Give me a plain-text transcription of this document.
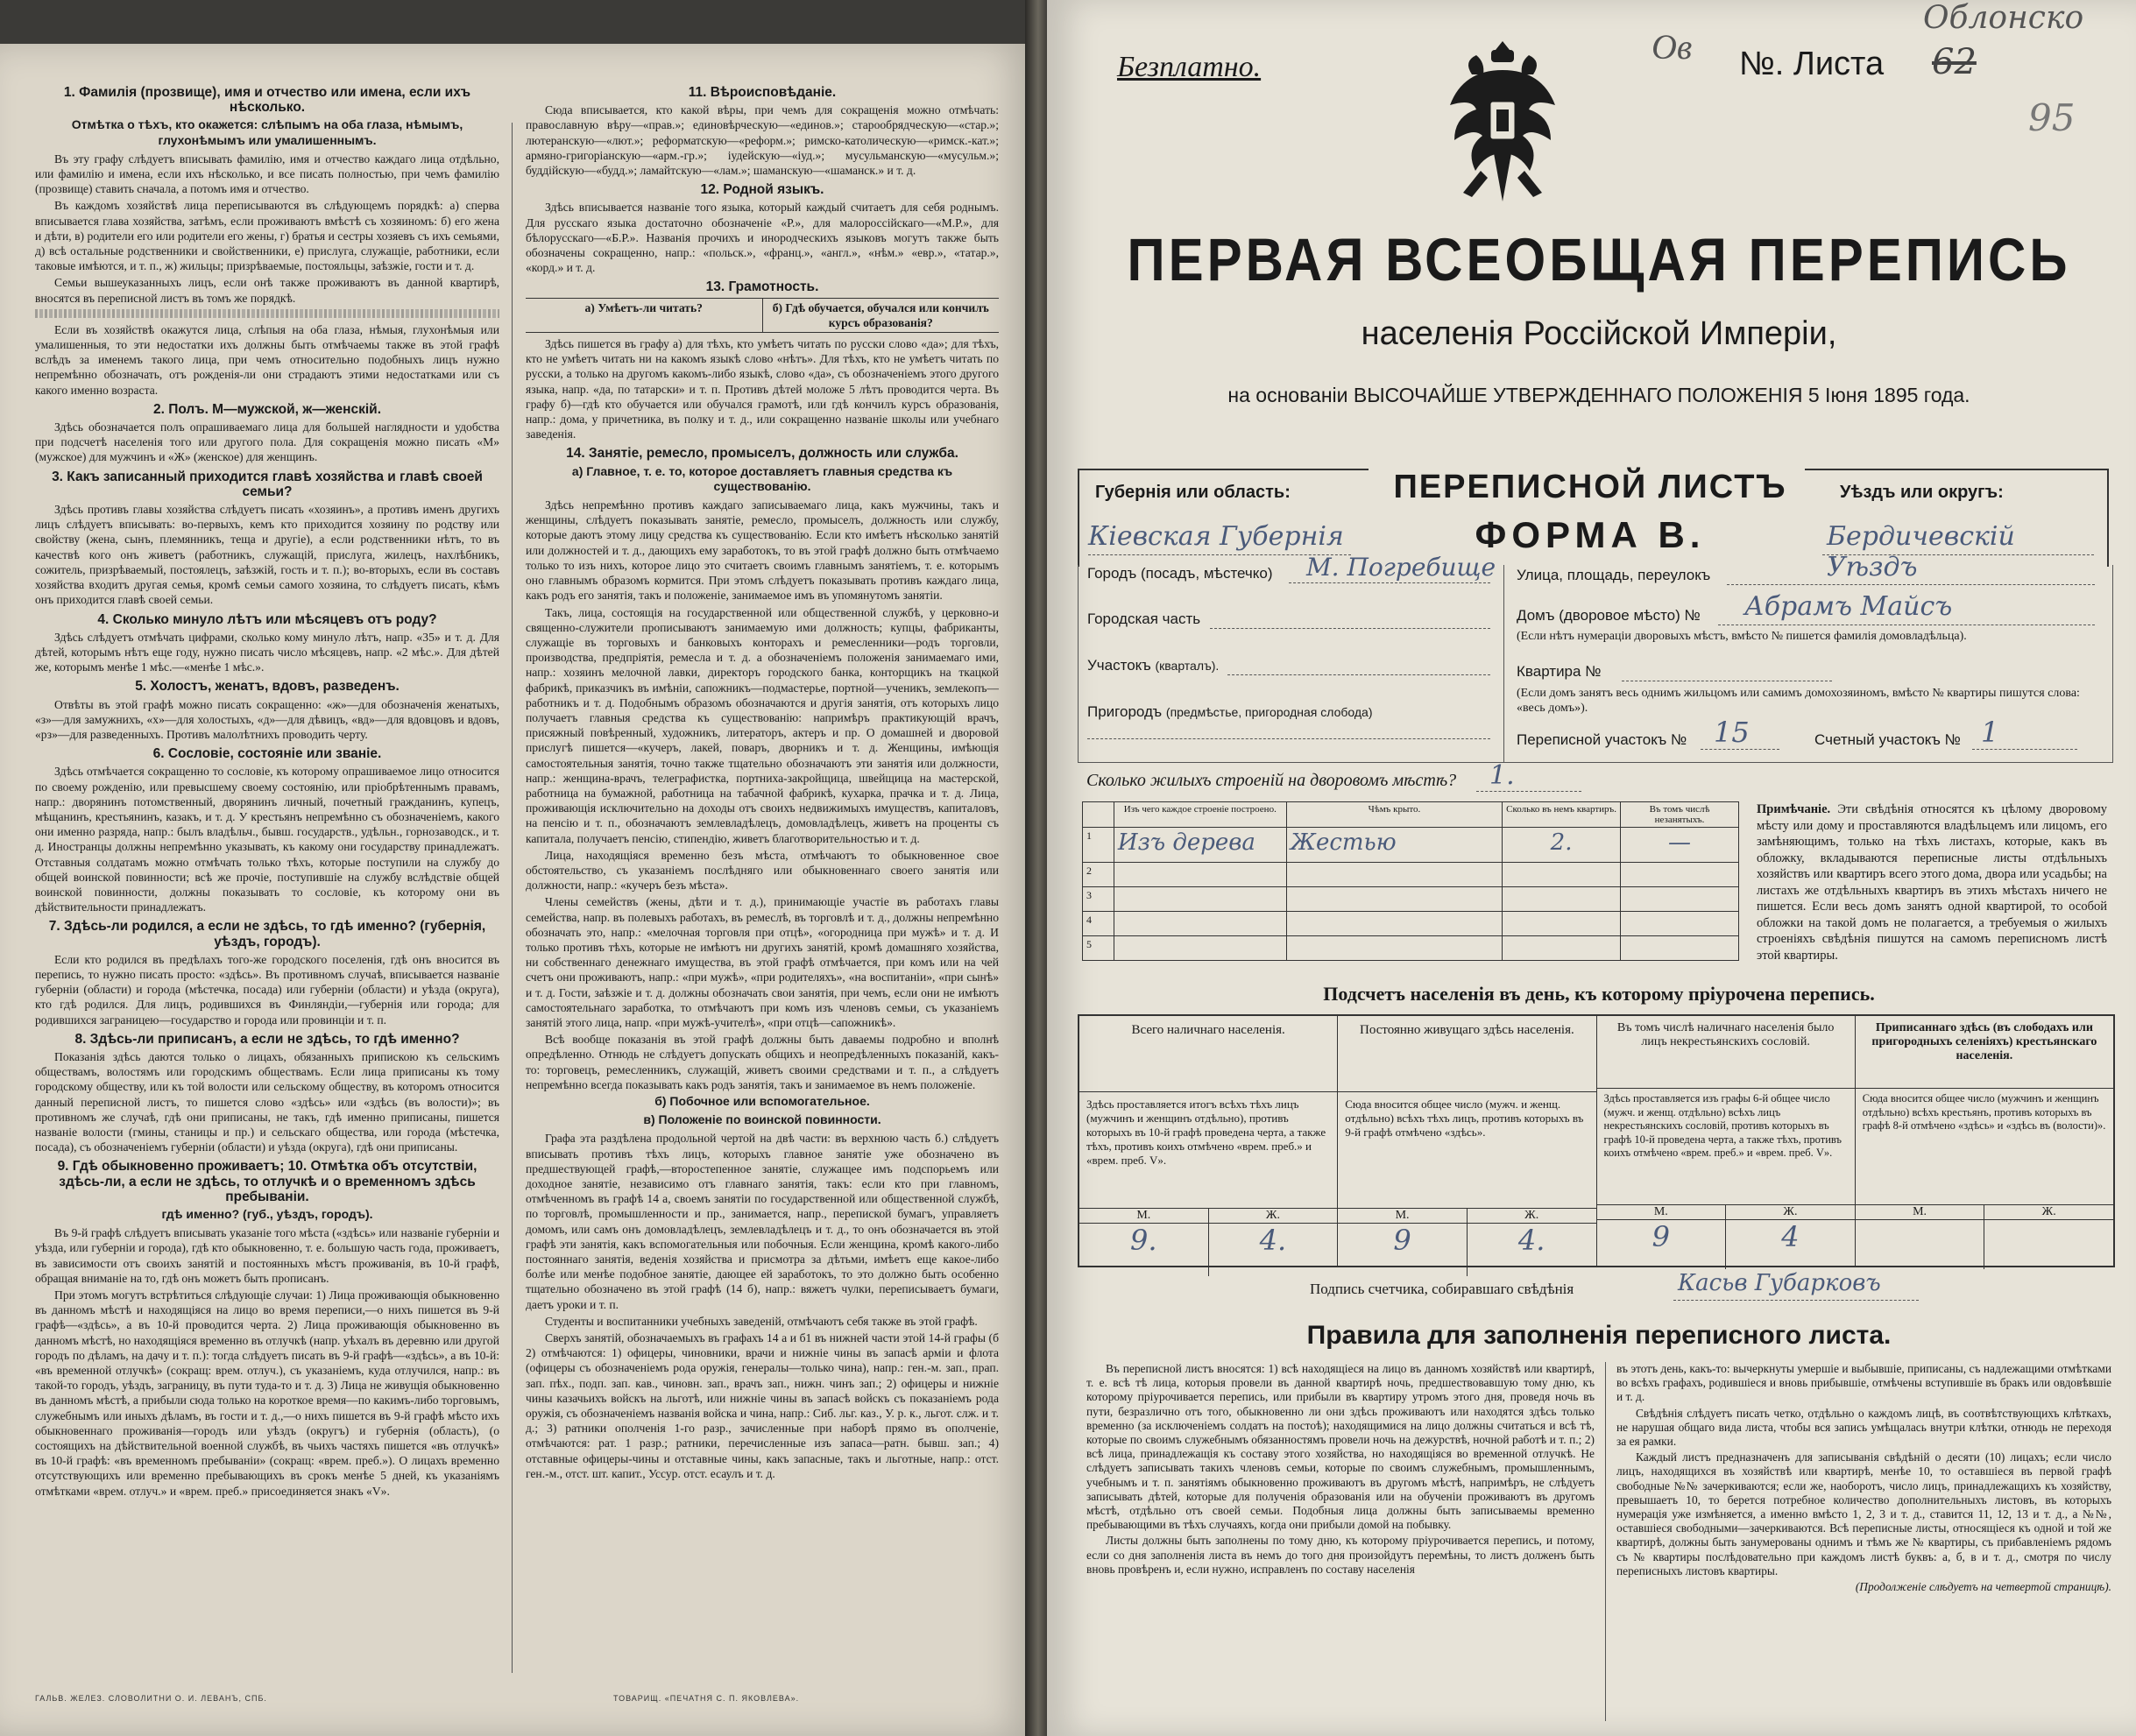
1. Фамилія (прозвище), имя и отчество или имена, если ихъ нѣсколько.
Отмѣтка о тѣхъ, кто окажется: слѣпымъ на оба глаза, нѣмымъ, глухонѣмымъ или умалишеннымъ.

Въ эту графу слѣдуетъ вписывать фамилію, имя и отчество каждаго лица отдѣльно, или фамилію и имена, если ихъ нѣсколько, и все писать полностью, при чемъ фамилію (прозвище) ставить сначала, а потомъ имя и отчество.

Въ каждомъ хозяйствѣ лица переписываются въ слѣдующемъ порядкѣ: а) сперва вписывается глава хозяйства, затѣмъ, если проживаютъ вмѣстѣ съ хозяиномъ: б) его жена и дѣти, в) родители его или родители его жены, г) братья и сестры хозяевъ съ ихъ семьями, д) всѣ остальные родственники и свойственники, е) прислуга, служащіе, работники, если таковые имѣются, и т. п., ж) жильцы; призрѣваемые, постояльцы, заѣзжіе, гости и т. д.

Семьи вышеуказанныхъ лицъ, если онѣ также проживаютъ въ данной квартирѣ, вносятся въ переписной листъ въ томъ же порядкѣ.

Если въ хозяйствѣ окажутся лица, слѣпыя на оба глаза, нѣмыя, глухонѣмыя или умалишенныя, то эти недостатки ихъ должны быть отмѣчаемы также въ этой графѣ вслѣдъ за именемъ такого лица, при чемъ относительно подобныхъ лицъ нужно непремѣнно обозначать, отъ рожденія-ли они страдаютъ этими недостатками или съ какого именно возраста.

2. Полъ. М—мужской, ж—женскій.

Здѣсь обозначается полъ опрашиваемаго лица для большей наглядности и удобства при подсчетѣ населенія того или другого пола. Для сокращенія можно писать «М» (мужское) для мужчинъ и «Ж» (женское) для женщинъ.

3. Какъ записанный приходится главѣ хозяйства и главѣ своей семьи?

Здѣсь противъ главы хозяйства слѣдуетъ писать «хозяинъ», а противъ именъ другихъ лицъ слѣдуетъ вписывать: во-первыхъ, кемъ кто приходится хозяину по родству или свойству (жена, сынъ, племянникъ, теща и другіе), а если родственники нѣтъ, то въ качествѣ кого онъ живетъ (работникъ, служащій, прислуга, жилецъ, нахлѣбникъ, сожитель, призрѣваемый, постоялецъ, заѣзжій, гость и т. п.); во-вторыхъ, если въ составъ хозяйства входитъ другая семья, кромѣ семьи самого хозяина, то слѣдуетъ писать, кѣмъ онъ приходится главѣ своей семьи.

4. Сколько минуло лѣтъ или мѣсяцевъ отъ роду?

Здѣсь слѣдуетъ отмѣчать цифрами, сколько кому минуло лѣтъ, напр. «35» и т. д. Для дѣтей, которымъ нѣтъ еще году, нужно писать число мѣсяцевъ, напр. «2 мѣс.». Для дѣтей же, которымъ менѣе 1 мѣс.—«менѣе 1 мѣс.».

5. Холостъ, женатъ, вдовъ, разведенъ.

Отвѣты въ этой графѣ можно писать сокращенно: «ж»—для обозначенія женатыхъ, «з»—для замужнихъ, «х»—для холостыхъ, «д»—для дѣвицъ, «вд»—для вдовцовъ и вдовъ, «рз»—для разведенныхъ. Противъ малолѣтнихъ проводить черту.

6. Сословіе, состояніе или званіе.

Здѣсь отмѣчается сокращенно то сословіе, къ которому опрашиваемое лицо относится по своему рожденію, или превысшему своему состоянію, или пріобрѣтеннымъ правамъ, напр.: дворянинъ потомственный, дворянинъ личный, почетный гражданинъ, купецъ, мѣщанинъ, крестьянинъ, казакъ, и т. д. У крестьянъ непремѣнно съ обозначеніемъ, какого они именно разряда, напр.: былъ владѣльч., бывш. государств., удѣльн., горнозаводск., и т. д. Иностранцы должны непремѣнно указывать, къ какому они государству принадлежатъ. Отставныя солдатамъ можно отмѣчать только тѣхъ, которые поступили на службу до общей воинской повинности; всѣ же прочіе, поступившіе на службу вслѣдствіе общей воинской повинности, должны показывать то сословіе, къ которому они въ дѣйствительности принадлежатъ.

7. Здѣсь-ли родился, а если не здѣсь, то гдѣ именно? (губернія, уѣздъ, городъ).

Если кто родился въ предѣлахъ того-же городского поселенія, гдѣ онъ вносится въ перепись, то нужно писать просто: «здѣсь». Въ противномъ случаѣ, вписывается названіе губерніи (области) и города (мѣстечка, посада) или губерніи (области) и уѣзда (округа), кто гдѣ родился. Для лицъ, родившихся въ Финляндіи,—губернія или города; для родившихся заграницею—государство и города или провинціи и т. п.

8. Здѣсь-ли приписанъ, а если не здѣсь, то гдѣ именно?

Показанія здѣсь даются только о лицахъ, обязанныхъ припискою къ сельскимъ обществамъ, волостямъ или городскимъ обществамъ. Если лица приписаны къ тому городскому обществу, или къ той волости или сельскому обществу, въ которомъ относится данный переписной листъ, то пишется слово «здѣсь» или «здѣсь (въ волости)»; въ противномъ же случаѣ, гдѣ они приписаны, не такъ, гдѣ именно приписаны, пишется названіе волости (гмины, станицы и пр.) и сельскаго общества, или города (мѣстечка, посада), съ обозначеніемъ губерніи (области) и уѣзда (округа), гдѣ они приписаны.

9. Гдѣ обыкновенно проживаетъ; 10. Отмѣтка объ отсутствіи, здѣсь-ли, а если не здѣсь, то отлучкѣ и о временномъ здѣсь пребываніи.
гдѣ именно? (губ., уѣздъ, городъ).

Въ 9-й графѣ слѣдуетъ вписывать указаніе того мѣста («здѣсь» или названіе губерніи и уѣзда, или губерніи и города), гдѣ кто обыкновенно, т. е. большую часть года, проживаетъ, въ зависимости отъ своихъ занятій и постоянныхъ мѣстъ проживанія, въ 10-й графѣ, обращая вниманіе на то, гдѣ онъ можетъ быть прописанъ.

При этомъ могутъ встрѣтиться слѣдующіе случаи: 1) Лица проживающія обыкновенно въ данномъ мѣстѣ и находящіяся на лицо во время переписи,—о нихъ пишется въ 9-й графѣ—«здѣсь», а въ 10-й проводится черта. 2) Лица проживающія обыкновенно въ данномъ мѣстѣ, но находящіяся временно въ отлучкѣ (напр. уѣхалъ въ деревню или другой городъ по дѣламъ, на дачу и т. п.): тогда слѣдуетъ писать въ 9-й графѣ—«здѣсь», а въ 10-й: «въ временной отлучкѣ» (сокращ: врем. отлуч.), съ указаніемъ, куда отлучился, напр.: въ такой-то городъ, уѣздъ, заграницу, въ пути туда-то и т. д. 3) Лица не живущія обыкновенно въ данномъ мѣстѣ, а прибыли сюда только на короткое время—по какимъ-либо торговымъ, служебнымъ или иныхъ дѣламъ, въ гости и т. д.,—о нихъ пишется въ 9-й графѣ мѣсто ихъ обыкновеннаго проживанія—городъ или уѣздъ (округъ) и губернія (область), (о состоящихъ на дѣйствительной военной службѣ, въ чьихъ частяхъ пишется «въ отлучкѣ» въ 10-й графѣ: «въ временномъ пребываніи» (сокращ: «врем. преб.»). О лицахъ временно отсутствующихъ или временно пребывающихъ въ срокъ менѣе 5 дней, къ указаніямъ отмѣтками «врем. отлуч.» и «врем. преб.» присоединяется знакъ «V».

ГАЛЬВ. ЖЕЛЕЗ. СЛОВОЛИТНИ О. И. ЛЕВАНЪ, СПБ.
11. Вѣроисповѣданіе.

Сюда вписывается, кто какой вѣры, при чемъ для сокращенія можно отмѣчать: православную вѣру—«прав.»; единовѣрческую—«единов.»; старообрядческую—«стар.»; лютеранскую—«лют.»; реформатскую—«реформ.»; римско-католическую—«римск.-кат.»; армяно-григоріанскую—«арм.-гр.»; іудейскую—«іуд.»; мусульманскую—«мусульм.»; буддійскую—«будд.»; ламайтскую—«лам.»; шаманскую—«шаманск.» и т. д.

12. Родной языкъ.

Здѣсь вписывается названіе того языка, который каждый считаетъ для себя роднымъ. Для русскаго языка достаточно обозначеніе «Р.», для малороссійскаго—«М.Р.», для бѣлорусскаго—«Б.Р.». Названія прочихъ и инородческихъ языковъ могутъ также быть обозначены сокращенно, напр.: «польск.», «франц.», «англ.», «нѣм.» «евр.», «татар.», «корд.» и т. д.

13. Грамотность.
а) Умѣетъ-ли читать?	б) Гдѣ обучается, обучался или кончилъ курсъ образованія?

Здѣсь пишется въ графу а) для тѣхъ, кто умѣетъ читать по русски слово «да»; для тѣхъ, кто не умѣетъ читать ни на какомъ языкѣ слово «нѣтъ». Для тѣхъ, кто не умѣетъ читать по русски, а только на другомъ какомъ-либо языкѣ, слово «да», съ обозначеніемъ этого другого языка, напр. «да, по татарски» и т. п. Противъ дѣтей моложе 5 лѣтъ проводится черта. Въ графу б)—гдѣ кто обучается или обучался грамотѣ, или гдѣ кончилъ курсъ образованія, напр.: дома, у причетника, въ полку и т. д., или сокращенно названіе школы или учебнаго заведенія.

14. Занятіе, ремесло, промыселъ, должность или служба.
а) Главное, т. е. то, которое доставляетъ главныя средства къ существованію.

Здѣсь непремѣнно противъ каждаго записываемаго лица, какъ мужчины, такъ и женщины, слѣдуетъ показывать занятіе, ремесло, промыселъ, должность или службу, которые даютъ этому лицу средства къ существованію. Если кто имѣетъ нѣсколько занятій или должностей и т. д., дающихъ ему заработокъ, то въ этой графѣ должно быть отмѣчаемо только то изъ нихъ, которое лицо это считаетъ своимъ главнымъ занятіемъ, т. е. которымъ оно главнымъ образомъ кормится. При этомъ слѣдуетъ показывать противъ каждаго лица, какъ родъ его занятія, такъ и положеніе, занимаемое имъ въ упомянутомъ занятіи.

Такъ, лица, состоящія на государственной или общественной службѣ, у церковно-и священно-служители прописываютъ занимаемую ими должность; купцы, фабриканты, служащіе въ торговыхъ и банковыхъ конторахъ и ремесленники—родъ торговли, производства, предпріятія, ремесла и т. д. а обозначеніемъ положенія занимаемаго ими, напр.: хозяинъ мелочной лавки, директоръ городского банка, конторщикъ на ткацкой фабрикѣ, приказчикъ въ имѣніи, сапожникъ—подмастерье, портной—ученикъ, землекопъ—работникъ и т. д. Подобнымъ образомъ обозначаются и другія занятія, отъ которыхъ лицо получаетъ главныя средства къ существованію: напримѣръ практикующій врачъ, присяжный повѣренный, художникъ, литераторъ, актеръ и пр. О домашней и дворовой прислугѣ пишется—«кучеръ, лакей, поваръ, дворникъ и т. д. Женщины, имѣющія самостоятельныя занятія, точно также тщательно обозначаютъ эти занятія или должности, напр.: женщина-врачъ, телеграфистка, портниха-закройщица, швейщица на мастерской, работница на бумажной, работница на табачной фабрикѣ, кухарка, прачка и т. д. Лица, проживающія исключительно на доходы отъ своихъ недвижимыхъ имуществъ, капиталовъ, на пенсію и т. п., обозначаютъ землевладѣлецъ, домовладѣлецъ, живетъ на проценты съ капитала, получаетъ пенсію, стипендію, живетъ благотворительностью и т. д.

Лица, находящіяся временно безъ мѣста, отмѣчаютъ то обыкновенное свое обстоятельство, съ указаніемъ послѣдняго или обыкновеннаго своего занятія или должности, напр.: «кучеръ безъ мѣста».

Члены семействъ (жены, дѣти и т. д.), принимающіе участіе въ работахъ главы семейства, напр. въ полевыхъ работахъ, въ ремеслѣ, въ торговлѣ и т. д., должны непремѣнно обозначать это, напр.: «мелочная торговля при отцѣ», «огородница при мужѣ» и т. д. И только противъ тѣхъ, которые не имѣютъ ни другихъ занятій, кромѣ домашняго хозяйства, ни собственнаго денежнаго имущества, въ этой графѣ отмѣчается, при комъ или на чей счетъ они проживаютъ, напр.: «при мужѣ», «при родителяхъ», «на воспитаніи», «при сынѣ» и т. д. Гости, заѣзжіе и т. д. должны обозначать свои занятія, при чемъ, если они не имѣютъ самостоятельнаго заработка, то отмѣчаютъ при комъ изъ членовъ семьи, съ указаніемъ занятій этого лица, напр. «при мужѣ-учителѣ», «при отцѣ—сапожникѣ».

Всѣ вообще показанія въ этой графѣ должны быть даваемы подробно и вполнѣ опредѣленно. Отнюдь не слѣдуетъ допускать общихъ и неопредѣленныхъ показаній, какъ-то: торговецъ, ремесленникъ, служащій, живетъ своими средствами и т. п., а слѣдуетъ непремѣнно всегда показывать какъ родъ занятія, такъ и занимаемое въ немъ положеніе.

б) Побочное или вспомогательное.
в) Положеніе по воинской повинности.

Графа эта раздѣлена продольной чертой на двѣ части: въ верхнюю часть б.) слѣдуетъ вписывать противъ тѣхъ лицъ, которыхъ главное занятіе уже обозначено въ предшествующей графѣ,—второстепенное занятіе, служащее имъ подспорьемъ или доходное занятіе, независимо отъ главнаго занятія, такъ: если кто при главномъ, отмѣченномъ въ графѣ 14 а, своемъ занятіи по государственной или общественной службѣ, по торговлѣ, промышленности и пр., занимается, напр., перепиской бумагъ, управляетъ домомъ, или самъ онъ домовладѣлецъ, землевладѣлецъ и т. д., то онъ обозначается въ этой графѣ эти занятія, какъ вспомогательныя или побочныя. Если женщина, кромѣ какого-либо постояннаго занятія, веденія хозяйства и присмотра за дѣтьми, имѣетъ еще какое-либо болѣе или менѣе подобное занятіе, дающее ей заработокъ, то это должно быть особенно тщательно обозначено въ этой графѣ (14 б), напр.: вяжетъ чулки, переписываетъ бумаги, даетъ уроки и т. п.

Студенты и воспитанники учебныхъ заведеній, отмѣчаютъ себя также въ этой графѣ.

Сверхъ занятій, обозначаемыхъ въ графахъ 14 а и б1 въ нижней части этой 14-й графы (б 2) отмѣчаются: 1) офицеры, чиновники, врачи и нижніе чины въ запасѣ арміи и флота (офицеры съ обозначеніемъ рода оружія, генералы—только чина), напр.: ген.-м. зап., прап. зап. пѣх., подп. зап. кав., чиновн. зап., врачъ зап., нижн. чинъ зап.; 2) офицеры и нижніе чины казачьихъ войскъ на льготѣ, или нижніе чины въ запасѣ войскъ съ показаніемъ рода оружія, съ обозначеніемъ названія войска и чина, напр.: Сиб. льг. каз., У. р. к., льгот. слж. и т. д.; 3) ратники ополченія 1-го разр., зачисленные при наборѣ прямо въ ополченіе, отмѣчаются: рат. 1 разр.; ратники, перечисленные изъ запаса—ратн. бывш. зап.; 4) отставные офицеры-чины и отставные чины, какъ запасные, такъ и льготные, напр.: отст. ген.-м., отст. шт. капит., Уссур. отст. есаулъ и т. д.

ТОВАРИЩ. «ПЕЧАТНЯ С. П. ЯКОВЛЕВА».
Безплатно.
Ов №. Листа 62
Облонско
95
ПЕРВАЯ ВСЕОБЩАЯ ПЕРЕПИСЬ
населенія Россійской Имперіи,
на основаніи ВЫСОЧАЙШЕ УТВЕРЖДЕННАГО ПОЛОЖЕНІЯ 5 Іюня 1895 года.
Губернія или область:
Кіевская Губернія
ПЕРЕПИСНОЙ ЛИСТЪ
ФОРМА В.
Уѣздъ или округъ:
Бердичевскій Уѣздъ
Городъ (посадъ, мѣстечко) М. Погребище
Городская часть
Участокъ (кварталъ).
Пригородъ (предмѣстье, пригородная слобода)
Улица, площадь, переулокъ
Домъ (дворовое мѣсто) № Абрамъ Майсъ
(Если нѣтъ нумераціи дворовыхъ мѣстъ, вмѣсто № пишется фамилія домовладѣльца).
Квартира №
(Если домъ занятъ весь однимъ жильцомъ или самимъ домохозяиномъ, вмѣсто № квартиры пишутся слова: «весь домъ»).
Переписной участокъ № 15	Счетный участокъ № 1
Сколько жилыхъ строеній на дворовомъ мѣстѣ? 1.
	Изъ чего каждое строеніе построено.	Чѣмъ крыто.	Сколько въ немъ квартиръ.	Въ томъ числѣ незанятыхъ.
1	Изъ дерева	Жестью	2.	—
2				
3				
4				
5				
Примѣчаніе. Эти свѣдѣнія относятся къ цѣлому дворовому мѣсту или дому и проставляются владѣльцемъ или лицомъ, его замѣняющимъ, только на тѣхъ листахъ, которые, какъ въ обложку, вкладываются переписные листы отдѣльныхъ хозяйствъ или квартиръ всего этого дома, двора или усадьбы; на листахъ же отдѣльныхъ квартиръ въ этихъ мѣстахъ ничего не пишется. Если весь домъ занятъ одной квартирой, то особой обложки на такой домъ не полагается, а требуемыя о жилыхъ строеніяхъ свѣдѣнія пишутся на самомъ переписномъ листѣ этой квартиры.
Подсчетъ населенія въ день, къ которому пріурочена перепись.
Всего наличнаго населенія.
Здѣсь проставляется итогъ всѣхъ тѣхъ лицъ (мужчинъ и женщинъ отдѣльно), противъ которыхъ въ 10-й графѣ проведена черта, а также тѣхъ, противъ коихъ отмѣчено «врем. преб.» и «врем. преб. V».
М.	Ж.
9.	4.
Постоянно живущаго здѣсь населенія.
Сюда вносится общее число (мужч. и женщ. отдѣльно) всѣхъ тѣхъ лицъ, противъ которыхъ въ 9-й графѣ отмѣчено «здѣсь».
М.	Ж.
9	4.
Въ томъ числѣ наличнаго населенія было лицъ некрестьянскихъ сословій.
Здѣсь проставляется изъ графы 6-й общее число (мужч. и женщ. отдѣльно) всѣхъ лицъ некрестьянскихъ сословій, противъ которыхъ въ графѣ 10-й проведена черта, а также тѣхъ, противъ коихъ отмѣчено «врем. преб.» и «врем. преб. V».
М.	Ж.
9	4
Приписаннаго здѣсь (въ слободахъ или пригородныхъ селеніяхъ) крестьянскаго населенія.
Сюда вносится общее число (мужчинъ и женщинъ отдѣльно) всѣхъ крестьянъ, противъ которыхъ въ графѣ 8-й отмѣчено «здѣсь» и «здѣсь въ (волости)».
М.	Ж.
Подпись счетчика, собиравшаго свѣдѣнія	Касьв Губарковъ
Правила для заполненія переписного листа.

Въ переписной листъ вносятся: 1) всѣ находящіеся на лицо въ данномъ хозяйствѣ или квартирѣ, т. е. всѣ тѣ лица, которыя провели въ данной квартирѣ ночь, предшествовавшую тому дню, къ которому пріурочивается перепись, или прибыли въ квартиру утромъ этого дня, проведя ночь въ пути, безразлично отъ того, обыкновенно ли они здѣсь проживаютъ или находятся здѣсь только временно (за исключеніемъ солдатъ на постоѣ); находящимися на лицо должны считаться и всѣ тѣ, которые по своимъ служебнымъ обязанностямъ провели ночь на дежурствѣ, ночной работѣ и т. п.; 2) всѣ лица, принадлежащія къ составу этого хозяйства, но находящіяся во временной отлучкѣ. Не слѣдуетъ записывать такихъ членовъ семьи, которые по своимъ служебнымъ, промышленнымъ, учебнымъ и т. п. занятіямъ обыкновенно проживаютъ въ другомъ мѣстѣ, напримѣръ, не слѣдуетъ записывать дѣтей, которые для полученія образованія или на обученіи проживаютъ въ другомъ мѣстѣ, отдѣльно отъ своей семьи. Подобныя лица должны быть записываемы временно пребывающими въ тѣхъ случаяхъ, когда они прибыли домой на побывку.

Листы должны быть заполнены по тому дню, къ которому пріурочивается перепись, и потому, если со дня заполненія листа въ немъ до того дня произойдутъ перемѣны, то листъ долженъ быть вновь провѣренъ и, если нужно, исправленъ по составу населенія

въ этотъ день, какъ-то: вычеркнуты умершіе и выбывшіе, приписаны, съ надлежащими отмѣтками во всѣхъ графахъ, родившіеся и вновь прибывшіе, отмѣчены вступившіе въ бракъ или овдовѣвшіе и т. д.

Свѣдѣнія слѣдуетъ писать четко, отдѣльно о каждомъ лицѣ, въ соотвѣтствующихъ клѣткахъ, не нарушая общаго вида листа, чтобы вся запись умѣщалась внутри клѣтки, отнюдь не переходя за ея рамки.

Каждый листъ предназначенъ для записыванія свѣдѣній о десяти (10) лицахъ; если число лицъ, находящихся въ хозяйствѣ или квартирѣ, менѣе 10, то оставшіеся въ первой графѣ свободные №№ зачеркиваются; если же, наоборотъ, число лицъ, принадлежащихъ къ хозяйству, превышаетъ 10, то берется потребное количество дополнительныхъ листовъ, въ которыхъ нумерація уже измѣняется, а именно вмѣсто 1, 2, 3 и т. д., ставится 11, 12, 13 и т. д., а №№, оставшіеся свободными—зачеркиваются. Всѣ переписные листы, относящіеся къ одной и той же квартирѣ, должны быть занумерованы однимъ и тѣмъ же № квартиры, съ прибавленіемъ рядомъ съ № квартиры послѣдовательно при каждомъ листѣ буквъ: а, б, в и т. д., смотря по числу переписныхъ листовъ квартиры.

(Продолженіе слѣдуетъ на четвертой страницѣ).
